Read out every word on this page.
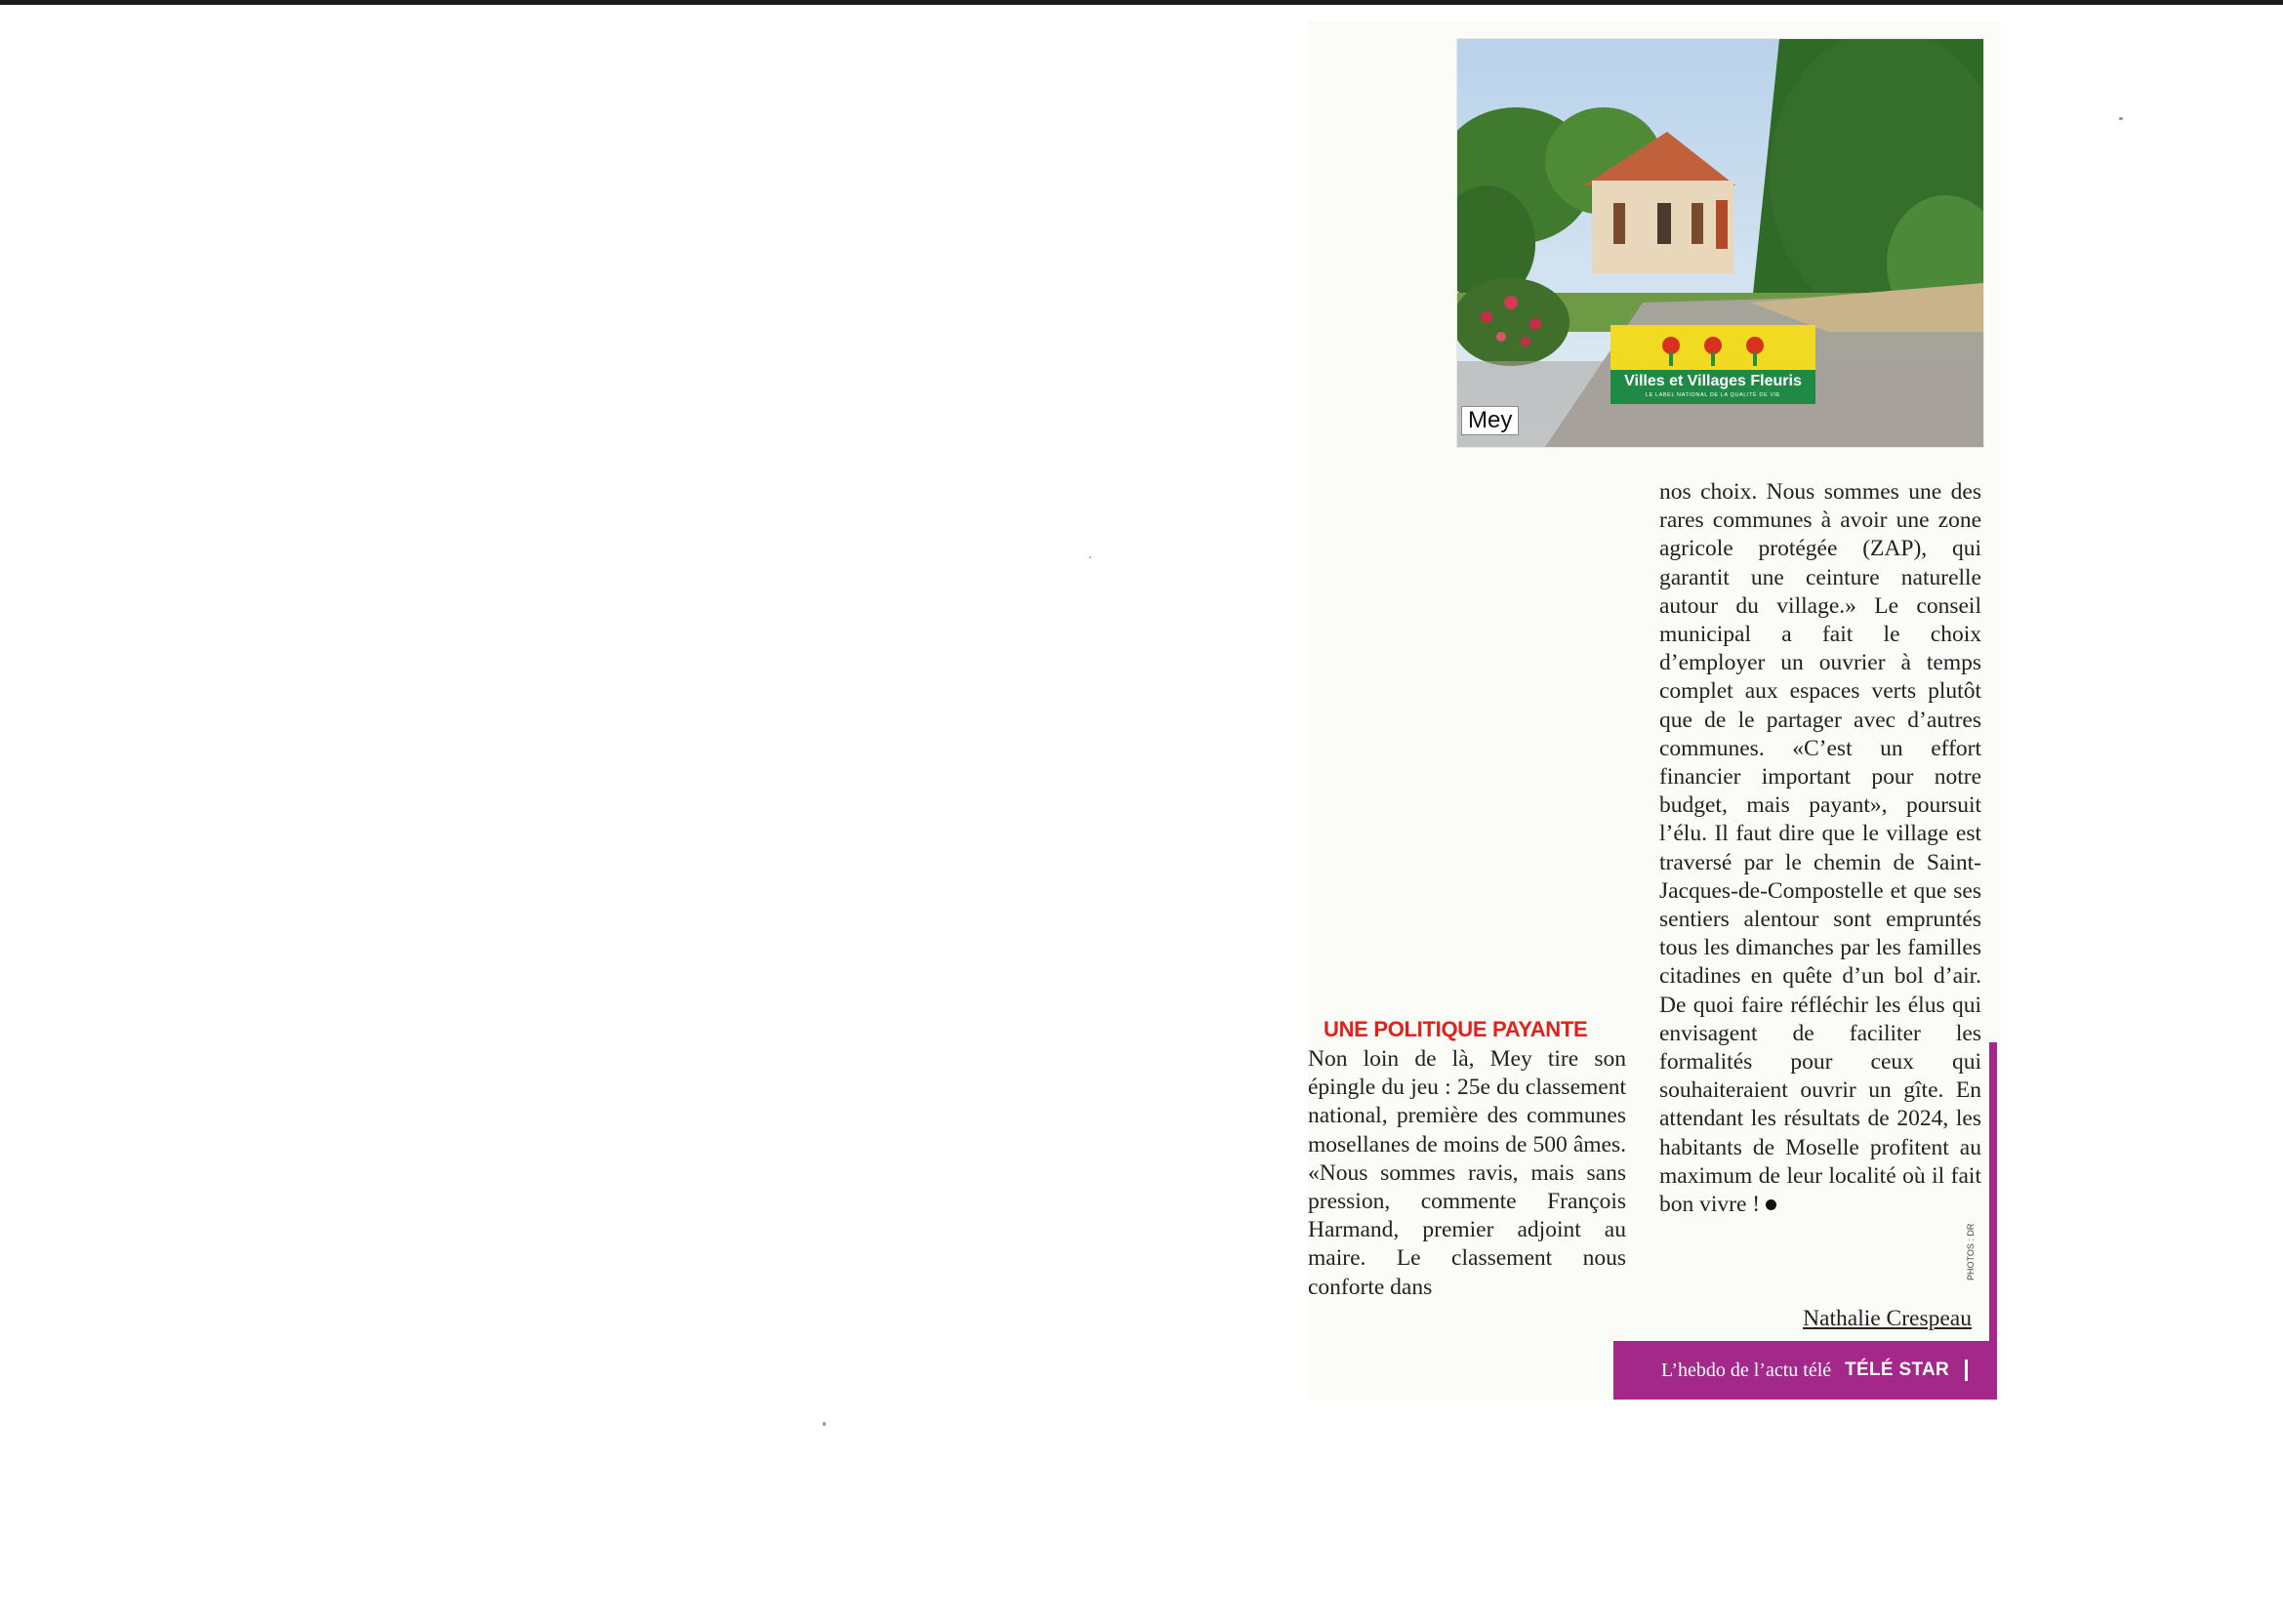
Villes et Villages Fleuris
LE LABEL NATIONAL DE LA QUALITÉ DE VIE
Mey
UNE POLITIQUE PAYANTE
Non loin de là, Mey tire son épingle du jeu : 25e du classement national, première des communes mosellanes de moins de 500 âmes. «Nous sommes ravis, mais sans pression, commente François Harmand, premier adjoint au maire. Le classement nous conforte dans
nos choix. Nous sommes une des rares communes à avoir une zone agricole protégée (ZAP), qui garantit une ceinture naturelle autour du village.» Le conseil municipal a fait le choix d’employer un ouvrier à temps complet aux espaces verts plutôt que de le partager avec d’autres communes. «C’est un effort financier important pour notre budget, mais payant», poursuit l’élu. Il faut dire que le village est traversé par le chemin de Saint-Jacques-de-Compostelle et que ses sentiers alentour sont empruntés tous les dimanches par les familles citadines en quête d’un bol d’air. De quoi faire réfléchir les élus qui envisagent de faciliter les formalités pour ceux qui souhaiteraient ouvrir un gîte. En attendant les résultats de 2024, les habitants de Moselle profitent au maximum de leur localité où il fait bon vivre !
Nathalie Crespeau
PHOTOS : DR
L’hebdo de l’actu télé TÉLÉ STAR
